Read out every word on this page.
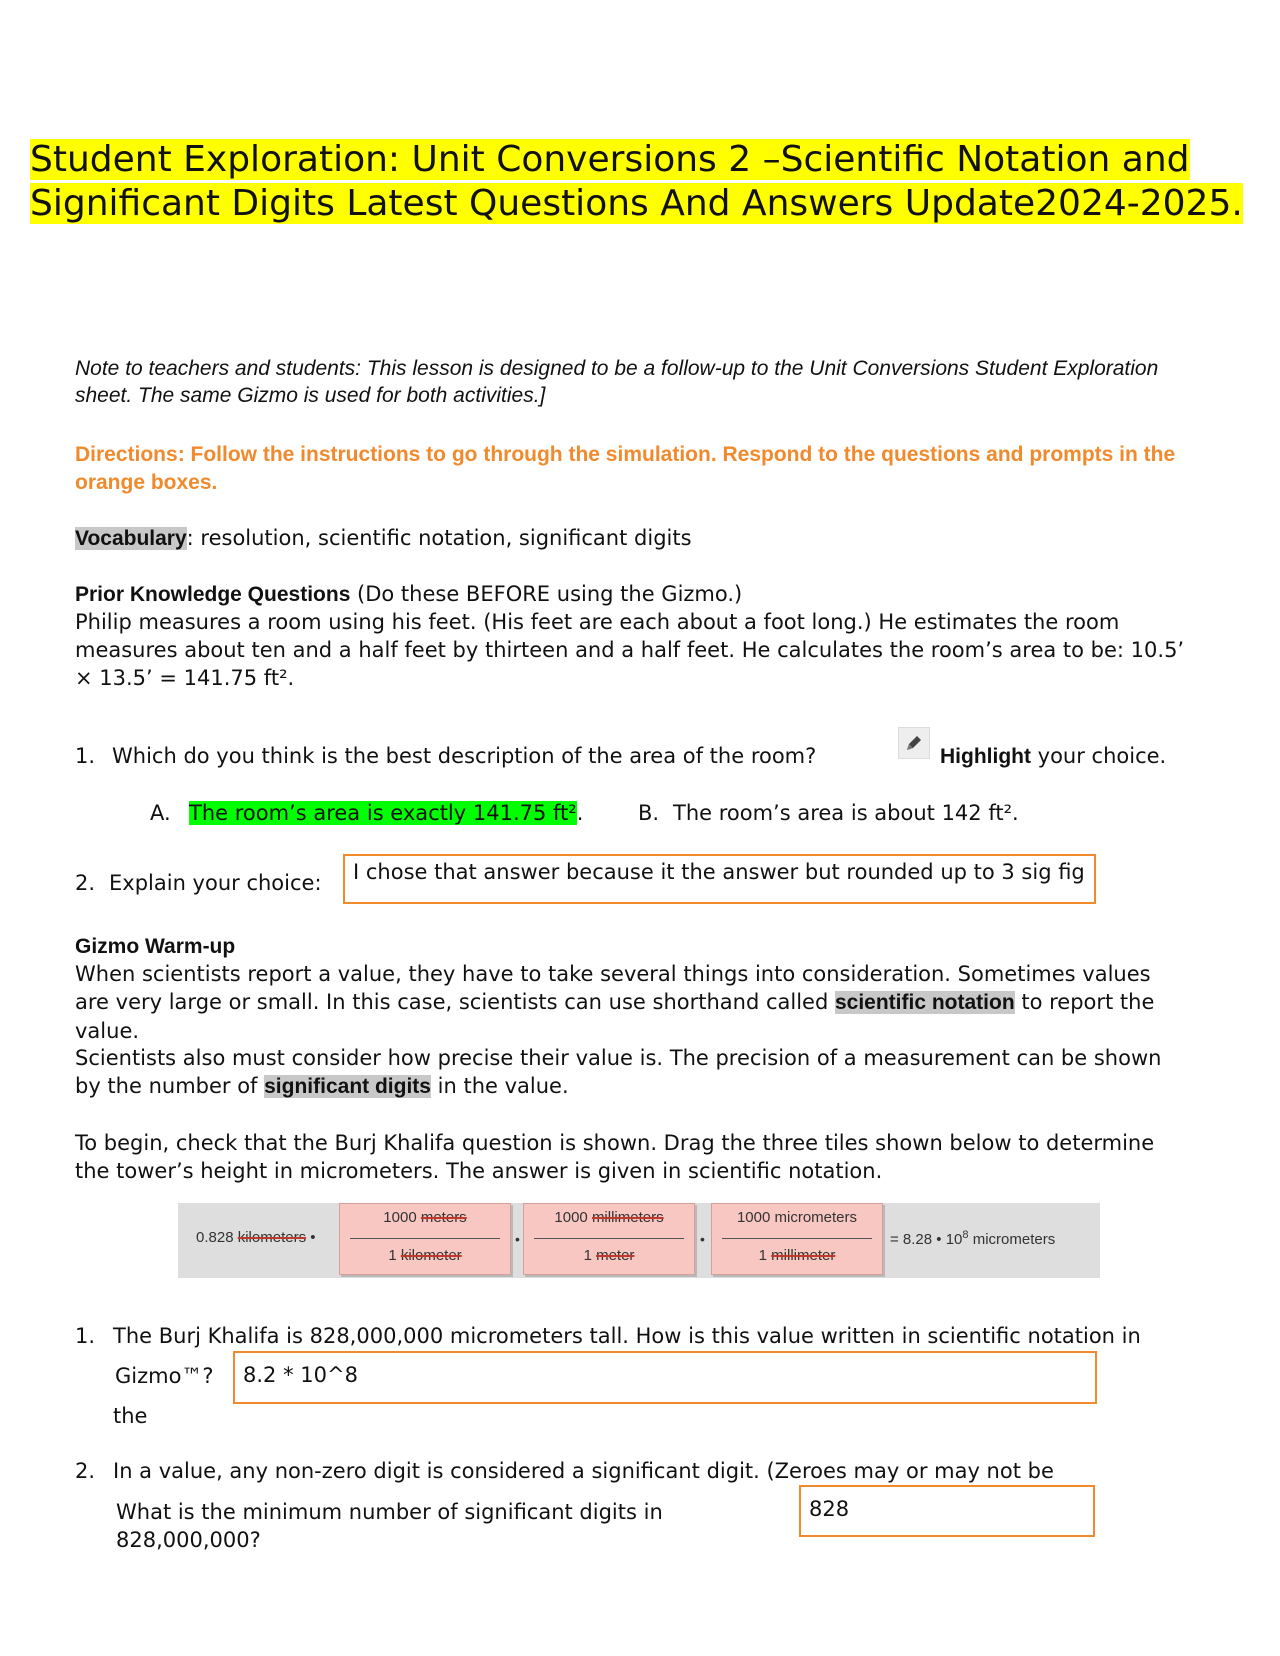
Student Exploration: Unit Conversions 2 –Scientific Notation and Significant Digits Latest Questions And Answers Update2024-2025.
Note to teachers and students: This lesson is designed to be a follow-up to the Unit Conversions Student Exploration sheet. The same Gizmo is used for both activities.]
Directions: Follow the instructions to go through the simulation. Respond to the questions and prompts in the orange boxes.
Vocabulary: resolution, scientific notation, significant digits
Prior Knowledge Questions (Do these BEFORE using the Gizmo.)
Philip measures a room using his feet. (His feet are each about a foot long.) He estimates the room measures about ten and a half feet by thirteen and a half feet. He calculates the room’s area to be: 10.5’ × 13.5’ = 141.75 ft².
1. Which do you think is the best description of the area of the room?	Highlight your choice.
A. The room’s area is exactly 141.75 ft².	B. The room’s area is about 142 ft².
2. Explain your choice:	I chose that answer because it the answer but rounded up to 3 sig fig
Gizmo Warm-up
When scientists report a value, they have to take several things into consideration. Sometimes values are very large or small. In this case, scientists can use shorthand called scientific notation to report the value.
Scientists also must consider how precise their value is. The precision of a measurement can be shown by the number of significant digits in the value.
To begin, check that the Burj Khalifa question is shown. Drag the three tiles shown below to determine the tower’s height in micrometers. The answer is given in scientific notation.
0.828 kilometers •
1000 meters
1 kilometer
•
1000 millimeters
1 meter
•
1000 micrometers
1 millimeter
= 8.28 • $10^8$ micrometers
1. The Burj Khalifa is 828,000,000 micrometers tall. How is this value written in scientific notation in
Gizmo™?	8.2 * 10^8
the
2. In a value, any non-zero digit is considered a significant digit. (Zeroes may or may not be
What is the minimum number of significant digits in 828,000,000?
828
